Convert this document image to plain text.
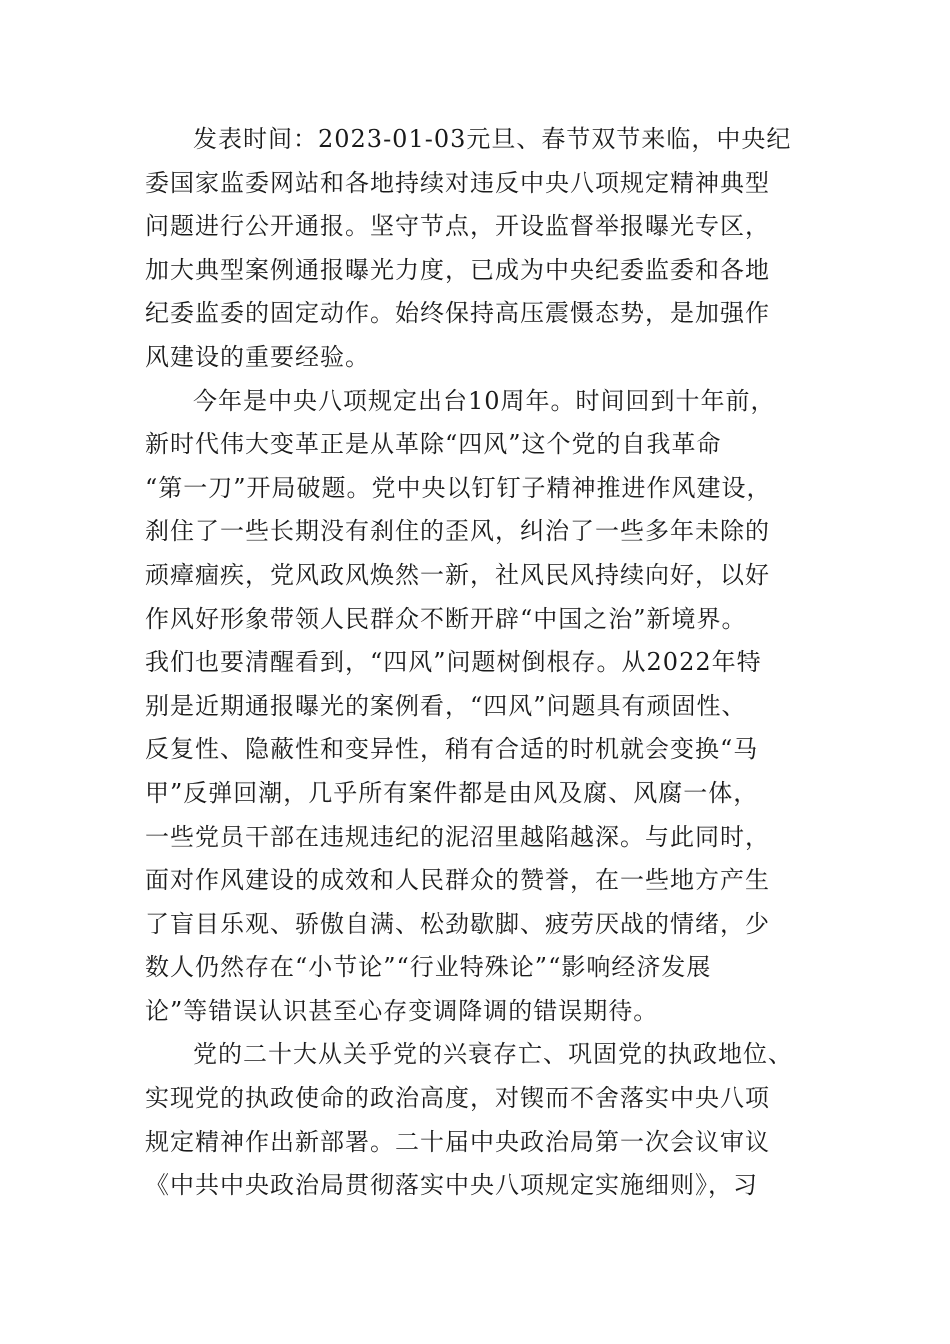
发表时间：2023-01-03元旦、春节双节来临，中央纪
委国家监委网站和各地持续对违反中央八项规定精神典型
问题进行公开通报。坚守节点，开设监督举报曝光专区，
加大典型案例通报曝光力度，已成为中央纪委监委和各地
纪委监委的固定动作。始终保持高压震慑态势，是加强作
风建设的重要经验。
今年是中央八项规定出台10周年。时间回到十年前，
新时代伟大变革正是从革除“四风”这个党的自我革命
“第一刀”开局破题。党中央以钉钉子精神推进作风建设，
刹住了一些长期没有刹住的歪风，纠治了一些多年未除的
顽瘴痼疾，党风政风焕然一新，社风民风持续向好，以好
作风好形象带领人民群众不断开辟“中国之治”新境界。
我们也要清醒看到，“四风”问题树倒根存。从2022年特
别是近期通报曝光的案例看，“四风”问题具有顽固性、
反复性、隐蔽性和变异性，稍有合适的时机就会变换“马
甲”反弹回潮，几乎所有案件都是由风及腐、风腐一体，
一些党员干部在违规违纪的泥沼里越陷越深。与此同时，
面对作风建设的成效和人民群众的赞誉，在一些地方产生
了盲目乐观、骄傲自满、松劲歇脚、疲劳厌战的情绪，少
数人仍然存在“小节论”“行业特殊论”“影响经济发展
论”等错误认识甚至心存变调降调的错误期待。
党的二十大从关乎党的兴衰存亡、巩固党的执政地位、
实现党的执政使命的政治高度，对锲而不舍落实中央八项
规定精神作出新部署。二十届中央政治局第一次会议审议
《中共中央政治局贯彻落实中央八项规定实施细则》，习
